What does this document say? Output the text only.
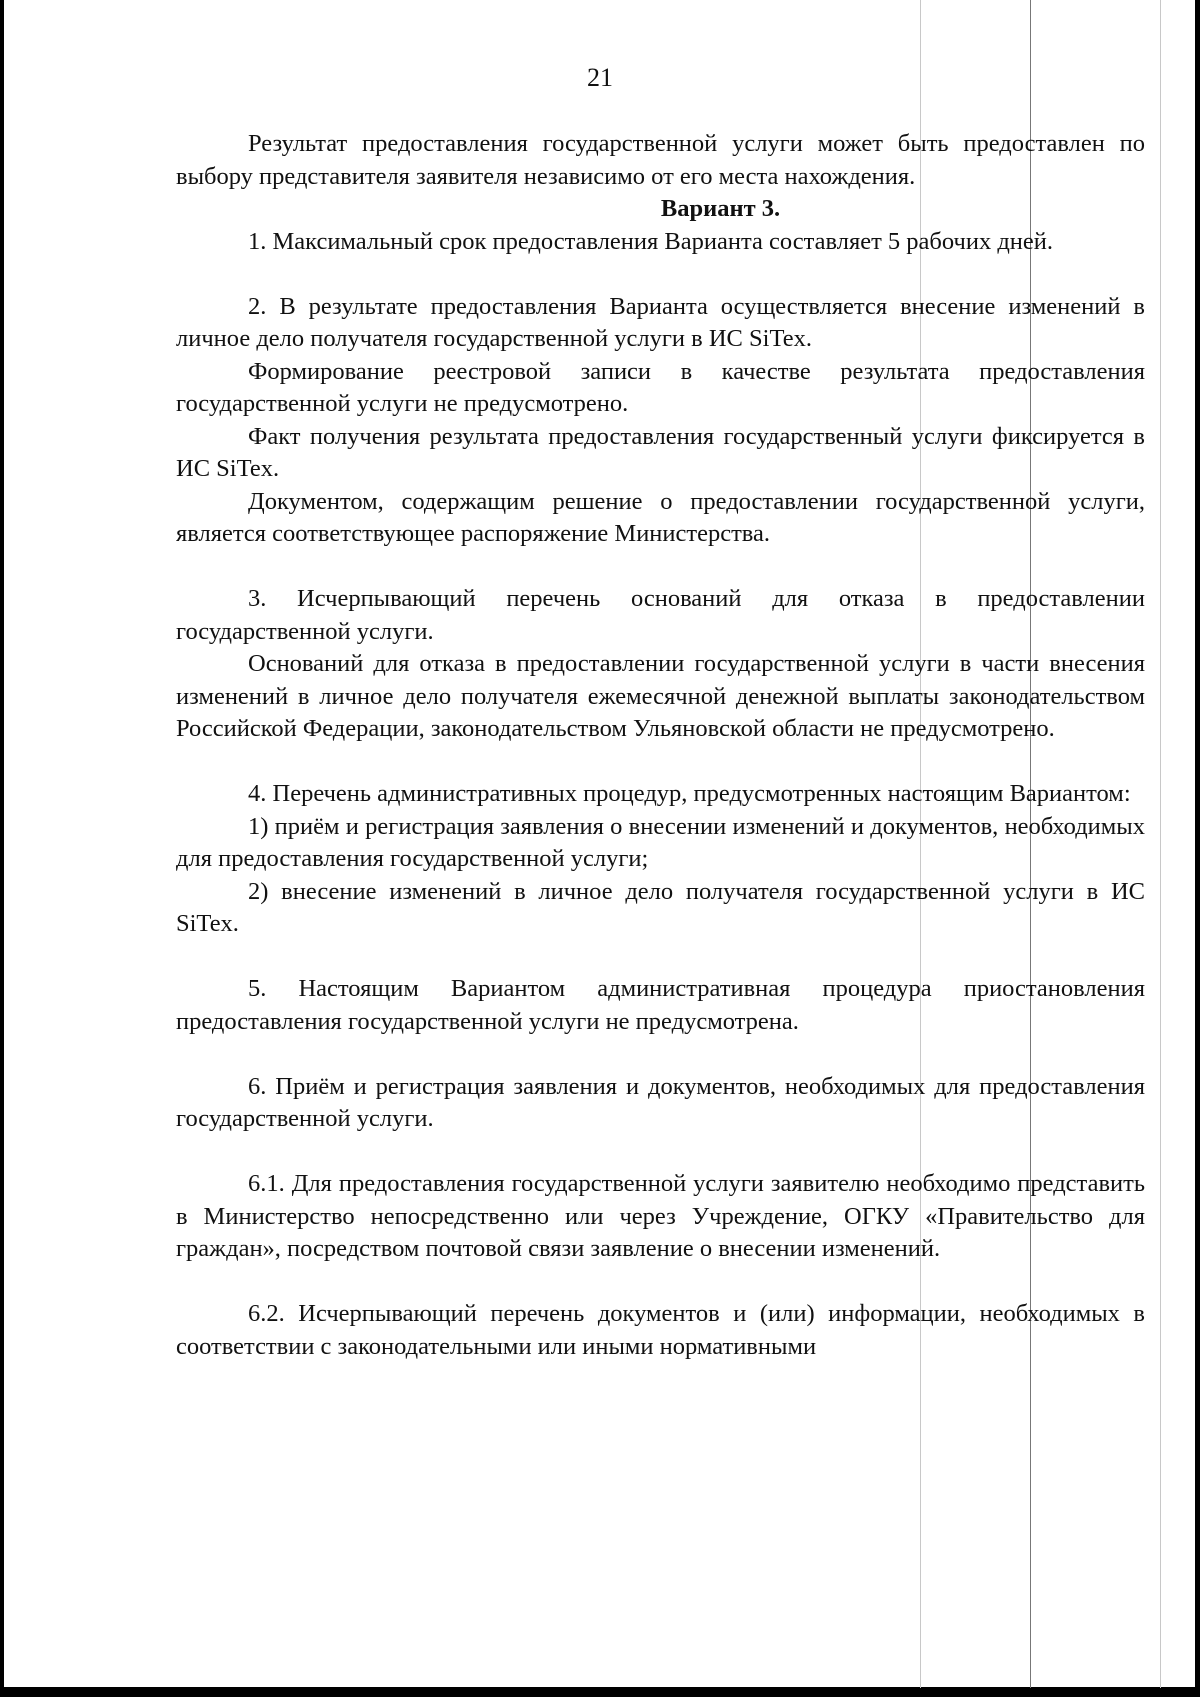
21

Результат предоставления государственной услуги может быть предоставлен по выбору представителя заявителя независимо от его места нахождения.

Вариант 3.

1. Максимальный срок предоставления Варианта составляет 5 рабочих дней.

2. В результате предоставления Варианта осуществляется внесение изменений в личное дело получателя государственной услуги в ИС SiTex.

Формирование реестровой записи в качестве результата предоставления государственной услуги не предусмотрено.

Факт получения результата предоставления государственный услуги фиксируется в ИС SiTex.

Документом, содержащим решение о предоставлении государственной услуги, является соответствующее распоряжение Министерства.

3. Исчерпывающий перечень оснований для отказа в предоставлении государственной услуги.

Оснований для отказа в предоставлении государственной услуги в части внесения изменений в личное дело получателя ежемесячной денежной выплаты законодательством Российской Федерации, законодательством Ульяновской области не предусмотрено.

4. Перечень административных процедур, предусмотренных настоящим Вариантом:

1) приём и регистрация заявления о внесении изменений и документов, необходимых для предоставления государственной услуги;

2) внесение изменений в личное дело получателя государственной услуги в ИС SiTex.

5. Настоящим Вариантом административная процедура приостановления предоставления государственной услуги не предусмотрена.

6. Приём и регистрация заявления и документов, необходимых для предоставления государственной услуги.

6.1. Для предоставления государственной услуги заявителю необходимо представить в Министерство непосредственно или через Учреждение, ОГКУ «Правительство для граждан», посредством почтовой связи заявление о внесении изменений.

6.2. Исчерпывающий перечень документов и (или) информации, необходимых в соответствии с законодательными или иными нормативными
